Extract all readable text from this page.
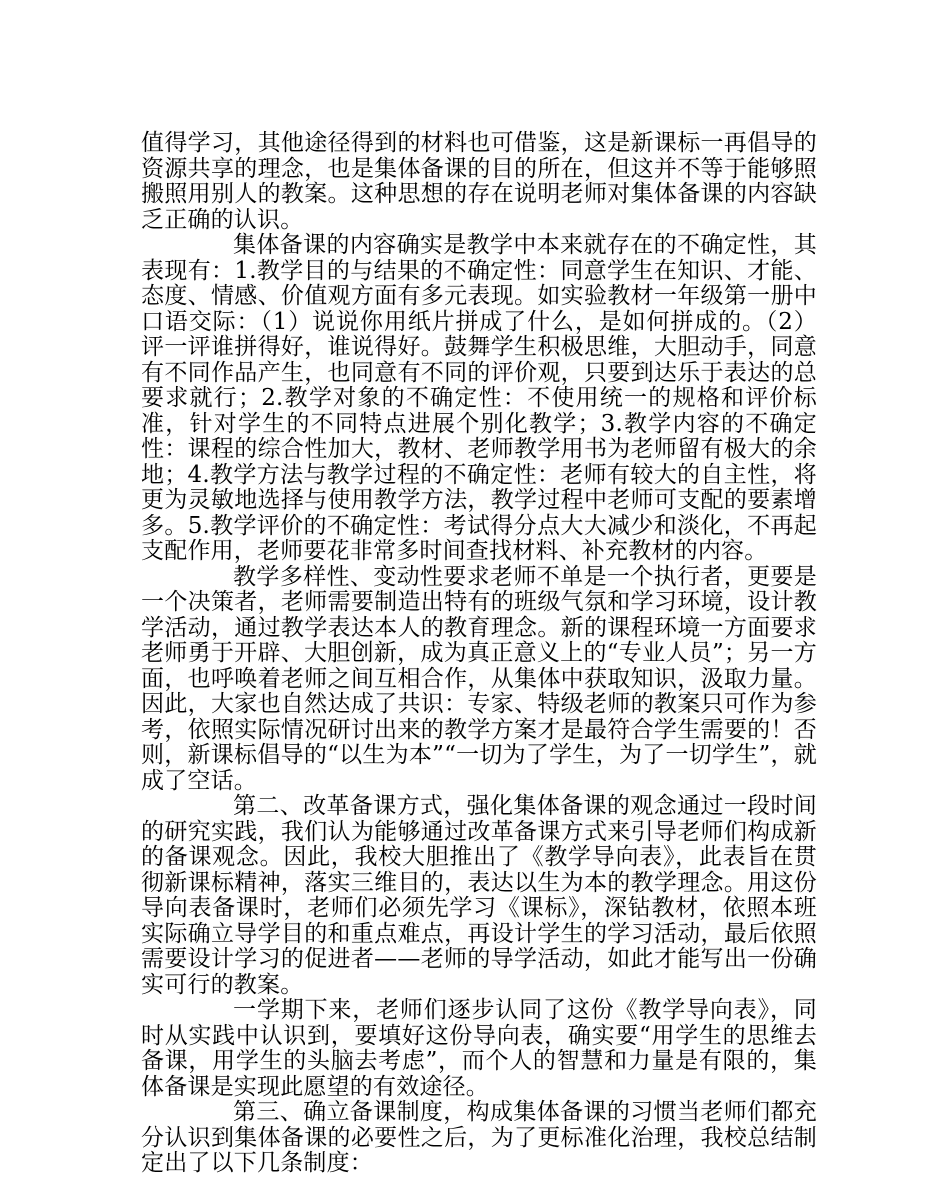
值得学习，其他途径得到的材料也可借鉴，这是新课标一再倡导的资源共享的理念，也是集体备课的目的所在，但这并不等于能够照搬照用别人的教案。这种思想的存在说明老师对集体备课的内容缺乏正确的认识。

集体备课的内容确实是教学中本来就存在的不确定性，其表现有：1.教学目的与结果的不确定性：同意学生在知识、才能、态度、情感、价值观方面有多元表现。如实验教材一年级第一册中口语交际：（1）说说你用纸片拼成了什么，是如何拼成的。（2）评一评谁拼得好，谁说得好。鼓舞学生积极思维，大胆动手，同意有不同作品产生，也同意有不同的评价观，只要到达乐于表达的总要求就行；2.教学对象的不确定性：不使用统一的规格和评价标准，针对学生的不同特点进展个别化教学；3.教学内容的不确定性：课程的综合性加大，教材、老师教学用书为老师留有极大的余地；4.教学方法与教学过程的不确定性：老师有较大的自主性，将更为灵敏地选择与使用教学方法，教学过程中老师可支配的要素增多。5.教学评价的不确定性：考试得分点大大减少和淡化，不再起支配作用，老师要花非常多时间查找材料、补充教材的内容。

教学多样性、变动性要求老师不单是一个执行者，更要是一个决策者，老师需要制造出特有的班级气氛和学习环境，设计教学活动，通过教学表达本人的教育理念。新的课程环境一方面要求老师勇于开辟、大胆创新，成为真正意义上的“专业人员”；另一方面，也呼唤着老师之间互相合作，从集体中获取知识，汲取力量。因此，大家也自然达成了共识：专家、特级老师的教案只可作为参考，依照实际情况研讨出来的教学方案才是最符合学生需要的！否则，新课标倡导的“以生为本”“一切为了学生，为了一切学生”，就成了空话。

第二、改革备课方式，强化集体备课的观念通过一段时间的研究实践，我们认为能够通过改革备课方式来引导老师们构成新的备课观念。因此，我校大胆推出了《教学导向表》，此表旨在贯彻新课标精神，落实三维目的，表达以生为本的教学理念。用这份导向表备课时，老师们必须先学习《课标》，深钻教材，依照本班实际确立导学目的和重点难点，再设计学生的学习活动，最后依照需要设计学习的促进者——老师的导学活动，如此才能写出一份确实可行的教案。

一学期下来，老师们逐步认同了这份《教学导向表》，同时从实践中认识到，要填好这份导向表，确实要“用学生的思维去备课，用学生的头脑去考虑”，而个人的智慧和力量是有限的，集体备课是实现此愿望的有效途径。

第三、确立备课制度，构成集体备课的习惯当老师们都充分认识到集体备课的必要性之后，为了更标准化治理，我校总结制定出了以下几条制度：
